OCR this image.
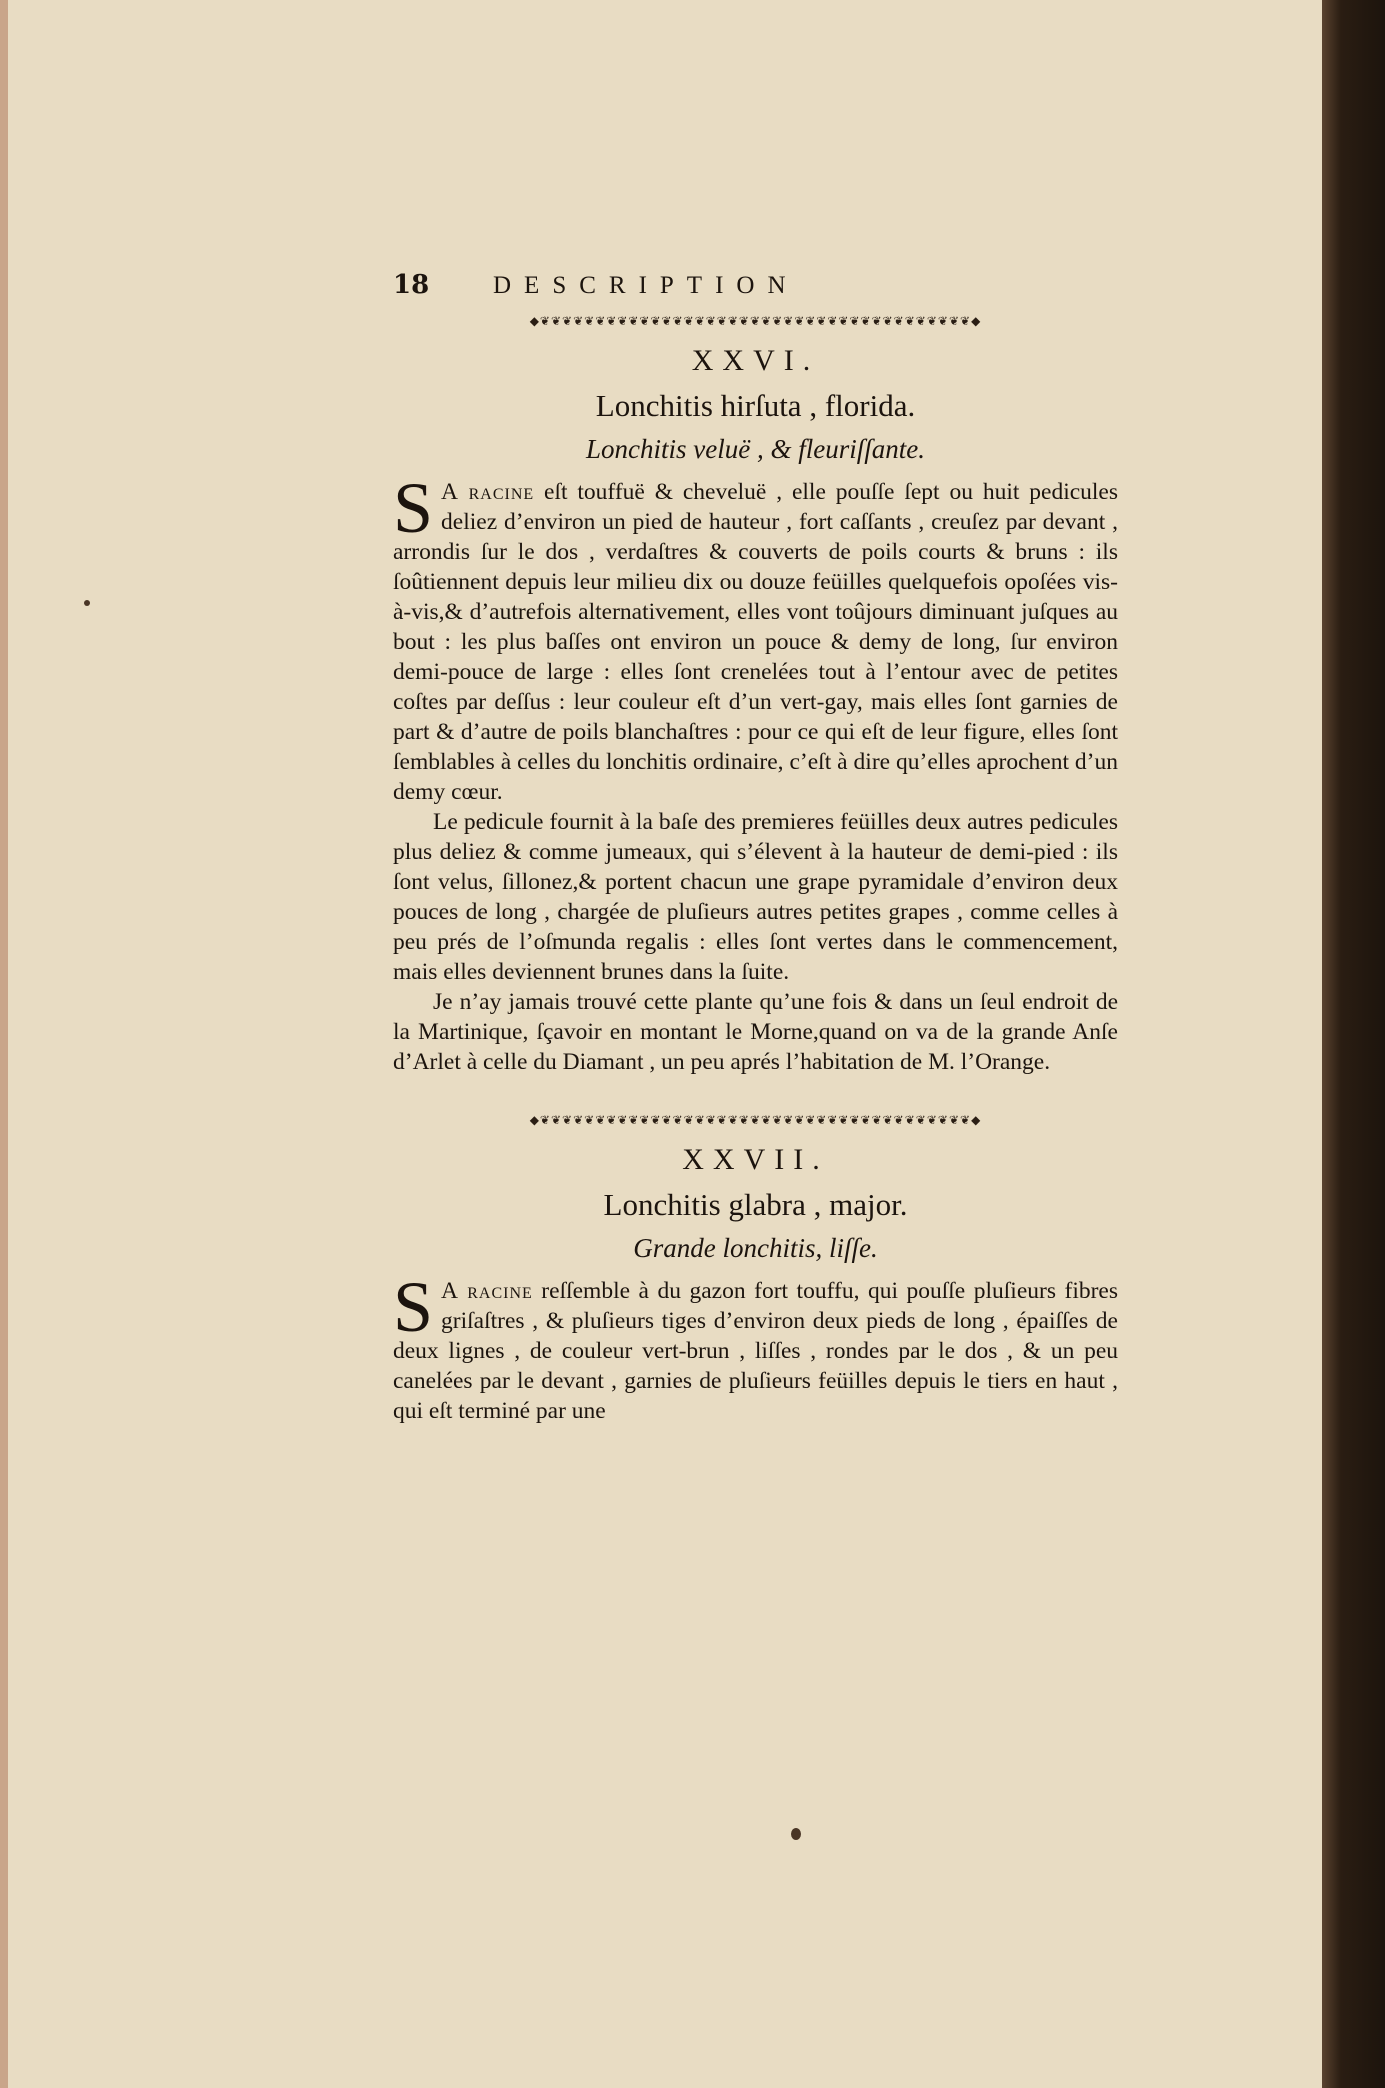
18	DESCRIPTION
◆❦❦❦❦❦❦❦❦❦❦❦❦❦❦❦❦❦❦❦❦❦❦❦❦❦❦❦❦❦❦❦❦❦❦❦❦❦❦❦◆
XXVI.
Lonchitis hirſuta , florida.
Lonchitis veluë , & fleuriſſante.

S A racine eſt touffuë & cheveluë , elle pouſſe ſept ou huit pedicules deliez d’environ un pied de hauteur , fort caſſants , creuſez par devant , arrondis ſur le dos , verdaſtres & couverts de poils courts & bruns : ils ſoûtiennent depuis leur milieu dix ou douze feüilles quelquefois opoſées vis-à-vis,& d’autrefois alternativement, elles vont toûjours diminuant juſques au bout : les plus baſſes ont environ un pouce & demy de long, ſur environ demi-pouce de large : elles ſont crenelées tout à l’entour avec de petites coſtes par deſſus : leur couleur eſt d’un vert-gay, mais elles ſont garnies de part & d’autre de poils blanchaſtres : pour ce qui eſt de leur figure, elles ſont ſemblables à celles du lonchitis ordinaire, c’eſt à dire qu’elles aprochent d’un demy cœur.

Le pedicule fournit à la baſe des premieres feüilles deux autres pedicules plus deliez & comme jumeaux, qui s’élevent à la hauteur de demi-pied : ils ſont velus, ſillonez,& portent chacun une grape pyramidale d’environ deux pouces de long , chargée de pluſieurs autres petites grapes , comme celles à peu prés de l’oſmunda regalis : elles ſont vertes dans le commencement, mais elles deviennent brunes dans la ſuite.

Je n’ay jamais trouvé cette plante qu’une fois & dans un ſeul endroit de la Martinique, ſçavoir en montant le Morne,quand on va de la grande Anſe d’Arlet à celle du Diamant , un peu aprés l’habitation de M. l’Orange.

◆❦❦❦❦❦❦❦❦❦❦❦❦❦❦❦❦❦❦❦❦❦❦❦❦❦❦❦❦❦❦❦❦❦❦❦❦❦❦❦◆
XXVII.
Lonchitis glabra , major.
Grande lonchitis, liſſe.

S A racine reſſemble à du gazon fort touffu, qui pouſſe pluſieurs fibres griſaſtres , & pluſieurs tiges d’environ deux pieds de long , épaiſſes de deux lignes , de couleur vert-brun , liſſes , rondes par le dos , & un peu canelées par le devant , garnies de pluſieurs feüilles depuis le tiers en haut , qui eſt terminé par une
